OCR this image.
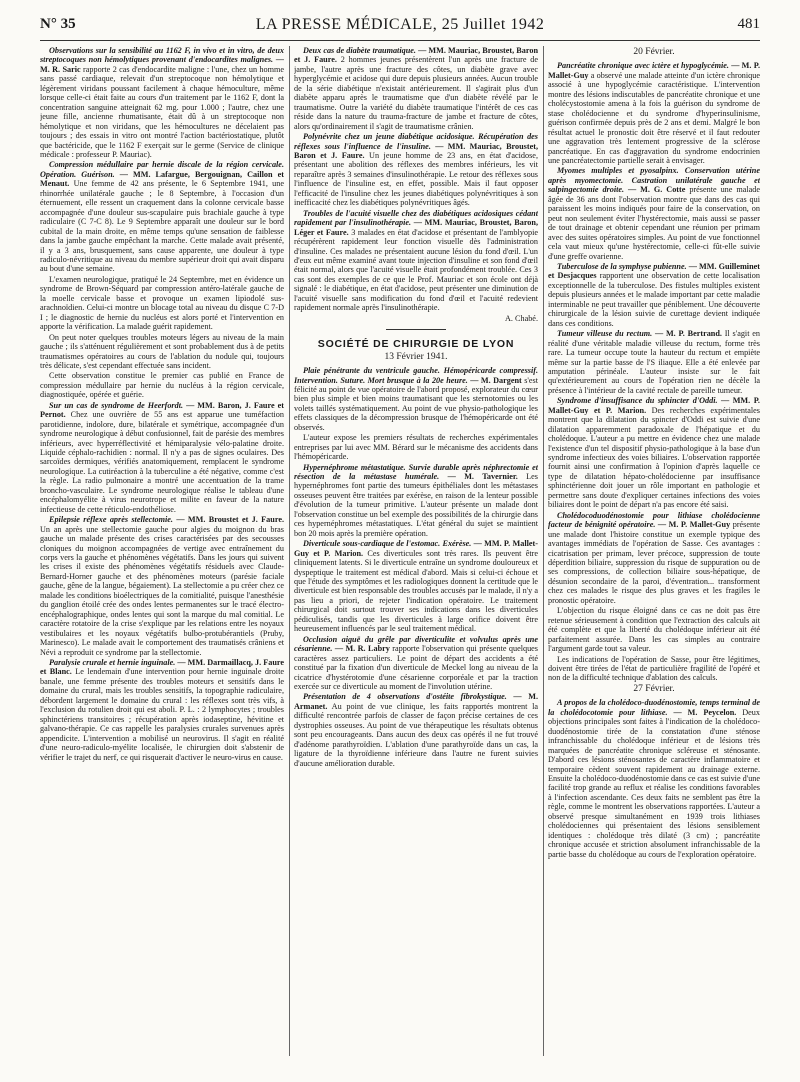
N° 35	LA PRESSE MÉDICALE, 25 Juillet 1942	481

Observations sur la sensibilité au 1162 F, in vivo et in vitro, de deux streptocoques non hémolytiques provenant d'endocardites malignes. — M. R. Saric rapporte 2 cas d'endocardite maligne : l'une, chez un homme sans passé cardiaque, relevait d'un streptocoque non hémolytique et légèrement viridans poussant facilement à chaque hémoculture, même lorsque celle-ci était faite au cours d'un traitement par le 1162 F, dont la concentration sanguine atteignait 62 mg. pour 1.000 ; l'autre, chez une jeune fille, ancienne rhumatisante, était dû à un streptocoque non hémolytique et non viridans, que les hémocultures ne décelaient pas toujours ; des essais in vitro ont montré l'action bactériostatique, plutôt que bactéricide, que le 1162 F exerçait sur le germe (Service de clinique médicale : professeur P. Mauriac).

Compression médullaire par hernie discale de la région cervicale. Opération. Guérison. — MM. Lafargue, Bergouignan, Caillon et Menaut. Une femme de 42 ans présente, le 6 Septembre 1941, une rhinorrhée unilatérale gauche ; le 8 Septembre, à l'occasion d'un éternuement, elle ressent un craquement dans la colonne cervicale basse accompagnée d'une douleur sus-scapulaire puis brachiale gauche à type radiculaire (C 7-C 8). Le 9 Septembre apparaît une douleur sur le bord cubital de la main droite, en même temps qu'une sensation de faiblesse dans la jambe gauche empêchant la marche. Cette malade avait présenté, il y a 3 ans, brusquement, sans cause apparente, une douleur à type radiculo-névritique au niveau du membre supérieur droit qui avait disparu au bout d'une semaine.

L'examen neurologique, pratiqué le 24 Septembre, met en évidence un syndrome de Brown-Séquard par compression antéro-latérale gauche de la moelle cervicale basse et provoque un examen lipiodolé sus-arachnoïdien. Celui-ci montre un blocage total au niveau du disque C 7-D I ; le diagnostic de hernie du nucléus est alors porté et l'intervention en apporte la vérification. La malade guérit rapidement.

On peut noter quelques troubles moteurs légers au niveau de la main gauche ; ils s'atténuent régulièrement et sont probablement dus à de petits traumatismes opératoires au cours de l'ablation du nodule qui, toujours très délicate, s'est cependant effectuée sans incident.

Cette observation constitue le premier cas publié en France de compression médullaire par hernie du nucléus à la région cervicale, diagnostiquée, opérée et guérie.

Sur un cas de syndrome de Heerfordt. — MM. Baron, J. Faure et Pernot. Chez une ouvrière de 55 ans est apparue une tuméfaction parotidienne, indolore, dure, bilatérale et symétrique, accompagnée d'un syndrome neurologique à début confusionnel, fait de parésie des membres inférieurs, avec hyperréflectivité et hémiparalysie vélo-palatine droite. Liquide céphalo-rachidien : normal. Il n'y a pas de signes oculaires. Des sarcoïdes dermiques, vérifiés anatomiquement, remplacent le syndrome neurologique. La cutiréaction à la tuberculine a été négative, comme c'est la règle. La radio pulmonaire a montré une accentuation de la trame broncho-vasculaire. Le syndrome neurologique réalise le tableau d'une encéphalomyélite à virus neurotrope et milite en faveur de la nature infectieuse de cette réticulo-endothéliose.

Epilepsie réflexe après stellectomie. — MM. Broustet et J. Faure. Un an après une stellectomie gauche pour algies du moignon du bras gauche un malade présente des crises caractérisées par des secousses cloniques du moignon accompagnées de vertige avec entraînement du corps vers la gauche et phénomènes végétatifs. Dans les jours qui suivent les crises il existe des phénomènes végétatifs résiduels avec Claude-Bernard-Horner gauche et des phénomènes moteurs (parésie faciale gauche, gêne de la langue, bégaiement). La stellectomie a pu créer chez ce malade les conditions bioélectriques de la comitialité, puisque l'anesthésie du ganglion étoilé crée des ondes lentes permanentes sur le tracé électro-encéphalographique, ondes lentes qui sont la marque du mal comitial. Le caractère rotatoire de la crise s'explique par les relations entre les noyaux vestibulaires et les noyaux végétatifs bulbo-protubérantiels (Pruby, Marinesco). Le malade avait le comportement des traumatisés crâniens et Névi a reproduit ce syndrome par la stellectomie.

Paralysie crurale et hernie inguinale. — MM. Darmaillacq, J. Faure et Blanc. Le lendemain d'une intervention pour hernie inguinale droite banale, une femme présente des troubles moteurs et sensitifs dans le domaine du crural, mais les troubles sensitifs, la topographie radiculaire, débordent largement le domaine du crural : les réflexes sont très vifs, à l'exclusion du rotulien droit qui est aboli. P. L. : 2 lymphocytes ; troubles sphinctériens transitoires ; récupération après iodaseptine, hévitine et galvano-thérapie. Ce cas rappelle les paralysies crurales survenues après appendicite. L'intervention a mobilisé un neurovirus. Il s'agit en réalité d'une neuro-radiculo-myélite localisée, le chirurgien doit s'abstenir de vérifier le trajet du nerf, ce qui risquerait d'activer le neuro-virus en cause.

Deux cas de diabète traumatique. — MM. Mauriac, Broustet, Baron et J. Faure. 2 hommes jeunes présentèrent l'un après une fracture de jambe, l'autre après une fracture des côtes, un diabète grave avec hyperglycémie et acidose qui dure depuis plusieurs années. Aucun trouble de la série diabétique n'existait antérieurement. Il s'agirait plus d'un diabète apparu après le traumatisme que d'un diabète révélé par le traumatisme. Outre la variété du diabète traumatique l'intérêt de ces cas réside dans la nature du trauma-fracture de jambe et fracture de côtes, alors qu'ordinairement il s'agit de traumatisme crânien.

Polynévrite chez un jeune diabétique acidosique. Récupération des réflexes sous l'influence de l'insuline. — MM. Mauriac, Broustet, Baron et J. Faure. Un jeune homme de 23 ans, en état d'acidose, présentant une abolition des réflexes des membres inférieurs, les vit reparaître après 3 semaines d'insulinothérapie. Le retour des réflexes sous l'influence de l'insuline est, en effet, possible. Mais il faut opposer l'efficacité de l'insuline chez les jeunes diabétiques polynévritiques à son inefficacité chez les diabétiques polynévritiques âgés.

Troubles de l'acuité visuelle chez des diabétiques acidosiques cédant rapidement par l'insulinothérapie. — MM. Mauriac, Broustet, Baron, Léger et Faure. 3 malades en état d'acidose et présentant de l'amblyopie récupérèrent rapidement leur fonction visuelle dès l'administration d'insuline. Ces malades ne présentaient aucune lésion du fond d'œil. L'un d'eux eut même examiné avant toute injection d'insuline et son fond d'œil était normal, alors que l'acuité visuelle était profondément troublée. Ces 3 cas sont des exemples de ce que le Prof. Mauriac et son école ont déjà signalé : le diabétique, en état d'acidose, peut présenter une diminution de l'acuité visuelle sans modification du fond d'œil et l'acuité redevient rapidement normale après l'insulinothérapie.

A. Chabé.

SOCIÉTÉ DE CHIRURGIE DE LYON
13 Février 1941.

Plaie pénétrante du ventricule gauche. Hémopéricarde compressif. Intervention. Suture. Mort brusque à la 20e heure. — M. Dargent s'est félicité au point de vue opératoire de l'abord proposé, explorateur du cœur bien plus simple et bien moins traumatisant que les sternotomies ou les volets taillés systématiquement. Au point de vue physio-pathologique les effets classiques de la décompression brusque de l'hémopéricarde ont été observés.

L'auteur expose les premiers résultats de recherches expérimentales entreprises par lui avec MM. Bérard sur le mécanisme des accidents dans l'hémopéricarde.

Hypernéphrome métastatique. Survie durable après néphrectomie et résection de la métastase humérale. — M. Tavernier. Les hypernéphromes font partie des tumeurs épithéliales dont les métastases osseuses peuvent être traitées par exérèse, en raison de la lenteur possible d'évolution de la tumeur primitive. L'auteur présente un malade dont l'observation constitue un bel exemple des possibilités de la chirurgie dans ces hypernéphromes métastatiques. L'état général du sujet se maintient bon 20 mois après la première opération.

Diverticule sous-cardiaque de l'estomac. Exérèse. — MM. P. Mallet-Guy et P. Marion. Ces diverticules sont très rares. Ils peuvent être cliniquement latents. Si le diverticule entraîne un syndrome douloureux et dyspeptique le traitement est médical d'abord. Mais si celui-ci échoue et que l'étude des symptômes et les radiologiques donnent la certitude que le diverticule est bien responsable des troubles accusés par le malade, il n'y a pas lieu a priori, de rejeter l'indication opératoire. Le traitement chirurgical doit surtout trouver ses indications dans les diverticules pédiculisés, tandis que les diverticules à large orifice doivent être heureusement influencés par le seul traitement médical.

Occlusion aiguë du grêle par diverticulite et volvulus après une césarienne. — M. R. Labry rapporte l'observation qui présente quelques caractères assez particuliers. Le point de départ des accidents a été constitué par la fixation d'un diverticule de Meckel long au niveau de la cicatrice d'hystérotomie d'une césarienne corporéale et par la traction exercée sur ce diverticule au moment de l'involution utérine.

Présentation de 4 observations d'ostéite fibrokystique. — M. Armanet. Au point de vue clinique, les faits rapportés montrent la difficulté rencontrée parfois de classer de façon précise certaines de ces dystrophies osseuses. Au point de vue thérapeutique les résultats obtenus sont peu encourageants. Dans aucun des deux cas opérés il ne fut trouvé d'adénome parathyroïdien. L'ablation d'une parathyroïde dans un cas, la ligature de la thyroïdienne inférieure dans l'autre ne furent suivies d'aucune amélioration durable.

20 Février.

Pancréatite chronique avec ictère et hypoglycémie. — M. P. Mallet-Guy a observé une malade atteinte d'un ictère chronique associé à une hypoglycémie caractéristique. L'intervention montre des lésions indiscutables de pancréatite chronique et une cholécystostomie amena à la fois la guérison du syndrome de stase cholédocienne et du syndrome d'hyperinsulinisme, guérison confirmée depuis près de 2 ans et demi. Malgré le bon résultat actuel le pronostic doit être réservé et il faut redouter une aggravation très lentement progressive de la sclérose pancréatique. En cas d'aggravation du syndrome endocrinien une pancréatectomie partielle serait à envisager.

Myomes multiples et pyosalpinx. Conservation utérine après myomectomie. Castration unilatérale gauche et salpingectomie droite. — M. G. Cotte présente une malade âgée de 36 ans dont l'observation montre que dans des cas qui paraissent les moins indiqués pour faire de la conservation, on peut non seulement éviter l'hystérectomie, mais aussi se passer de tout drainage et obtenir cependant une réunion per primam avec des suites opératoires simples. Au point de vue fonctionnel cela vaut mieux qu'une hystérectomie, celle-ci fût-elle suivie d'une greffe ovarienne.

Tuberculose de la symphyse pubienne. — MM. Guilleminet et Desjacques rapportent une observation de cette localisation exceptionnelle de la tuberculose. Des fistules multiples existent depuis plusieurs années et le malade important par cette maladie interminable ne peut travailler que péniblement. Une découverte chirurgicale de la lésion suivie de curettage devient indiquée dans ces conditions.

Tumeur villeuse du rectum. — M. P. Bertrand. Il s'agit en réalité d'une véritable maladie villeuse du rectum, forme très rare. La tumeur occupe toute la hauteur du rectum et empiète même sur la partie basse de l'S iliaque. Elle a été enlevée par amputation périnéale. L'auteur insiste sur le fait qu'extérieurement au cours de l'opération rien ne décèle la présence à l'intérieur de la cavité rectale de pareille tumeur.

Syndrome d'insuffisance du sphincter d'Oddi. — MM. P. Mallet-Guy et P. Marion. Des recherches expérimentales montrent que la dilatation du spincter d'Oddi est suivie d'une dilatation apparemment paradoxale de l'hépatique et du cholédoque. L'auteur a pu mettre en évidence chez une malade l'existence d'un tel dispositif physio-pathologique à la base d'un syndrome infectieux des voies biliaires. L'observation rapportée fournit ainsi une confirmation à l'opinion d'après laquelle ce type de dilatation hépato-cholédocienne par insuffisance sphinctérienne doit jouer un rôle important en pathologie et permettre sans doute d'expliquer certaines infections des voies biliaires dont le point de départ n'a pas encore été saisi.

Cholédocoduodénostomie pour lithiase cholédocienne facteur de bénignité opératoire. — M. P. Mallet-Guy présente une malade dont l'histoire constitue un exemple typique des avantages immédiats de l'opération de Sasse. Ces avantages : cicatrisation per primam, lever précoce, suppression de toute déperdition biliaire, suppression du risque de suppuration ou de ses compressions, de collection biliaire sous-hépatique, de désunion secondaire de la paroi, d'éventration... transforment chez ces malades le risque des plus graves et les fragiles le pronostic opératoire.

L'objection du risque éloigné dans ce cas ne doit pas être retenue sérieusement à condition que l'extraction des calculs ait été complète et que la liberté du cholédoque inférieur ait été parfaitement assurée. Dans les cas simples au contraire l'argument garde tout sa valeur.

Les indications de l'opération de Sasse, pour être légitimes, doivent être tirées de l'état de particulière fragilité de l'opéré et non de la difficulté technique d'ablation des calculs.

27 Février.

A propos de la cholédoco-duodénostomie, temps terminal de la cholédocotomie pour lithiase. — M. Peycelon. Deux objections principales sont faites à l'indication de la cholédoco-duodénostomie tirée de la constatation d'une sténose infranchissable du cholédoque inférieur et de lésions très marquées de pancréatite chronique scléreuse et sténosante. D'abord ces lésions sténosantes de caractère inflammatoire et temporaire cèdent souvent rapidement au drainage externe. Ensuite la cholédoco-duodénostomie dans ce cas est suivie d'une facilité trop grande au reflux et réalise les conditions favorables à l'infection ascendante. Ces deux faits ne semblent pas être la règle, comme le montrent les observations rapportées. L'auteur a observé presque simultanément en 1939 trois lithiases cholédociennes qui présentaient des lésions sensiblement identiques : cholédoque très dilaté (3 cm) ; pancréatite chronique accusée et striction absolument infranchissable de la partie basse du cholédoque au cours de l'exploration opératoire.
